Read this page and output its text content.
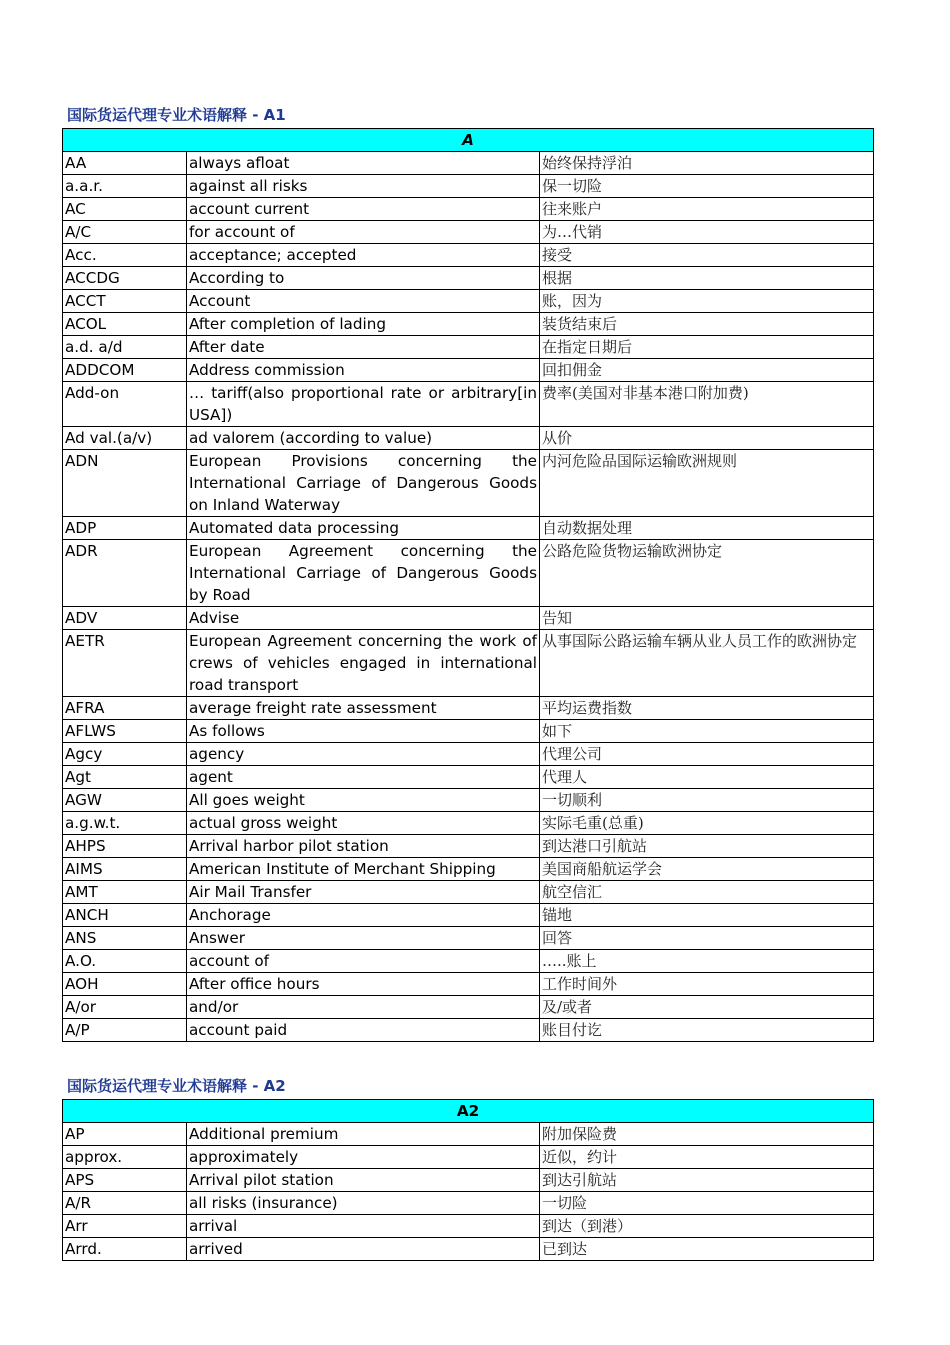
国际货运代理专业术语解释 - A1
A		
AA	always afloat	始终保持浮泊
a.a.r.	against all risks	保一切险
AC	account current	往来账户
A/C	for account of	为…代销
Acc.	acceptance; accepted	接受
ACCDG	According to	根据
ACCT	Account	账，因为
ACOL	After completion of lading	装货结束后
a.d. a/d	After date	在指定日期后
ADDCOM	Address commission	回扣佣金
Add-on	… tariff(also proportional rate or arbitrary[in USA])	费率(美国对非基本港口附加费)
Ad val.(a/v)	ad valorem (according to value)	从价
ADN	European Provisions concerning the International Carriage of Dangerous Goods on Inland Waterway	内河危险品国际运输欧洲规则
ADP	Automated data processing	自动数据处理
ADR	European Agreement concerning the International Carriage of Dangerous Goods by Road	公路危险货物运输欧洲协定
ADV	Advise	告知
AETR	European Agreement concerning the work of crews of vehicles engaged in international road transport	从事国际公路运输车辆从业人员工作的欧洲协定
AFRA	average freight rate assessment	平均运费指数
AFLWS	As follows	如下
Agcy	agency	代理公司
Agt	agent	代理人
AGW	All goes weight	一切顺利
a.g.w.t.	actual gross weight	实际毛重(总重)
AHPS	Arrival harbor pilot station	到达港口引航站
AIMS	American Institute of Merchant Shipping	美国商船航运学会
AMT	Air Mail Transfer	航空信汇
ANCH	Anchorage	锚地
ANS	Answer	回答
A.O.	account of	…..账上
AOH	After office hours	工作时间外
A/or	and/or	及/或者
A/P	account paid	账目付讫
国际货运代理专业术语解释 - A2
A2		
AP	Additional premium	附加保险费
approx.	approximately	近似，约计
APS	Arrival pilot station	到达引航站
A/R	all risks (insurance)	一切险
Arr	arrival	到达（到港）
Arrd.	arrived	已到达
